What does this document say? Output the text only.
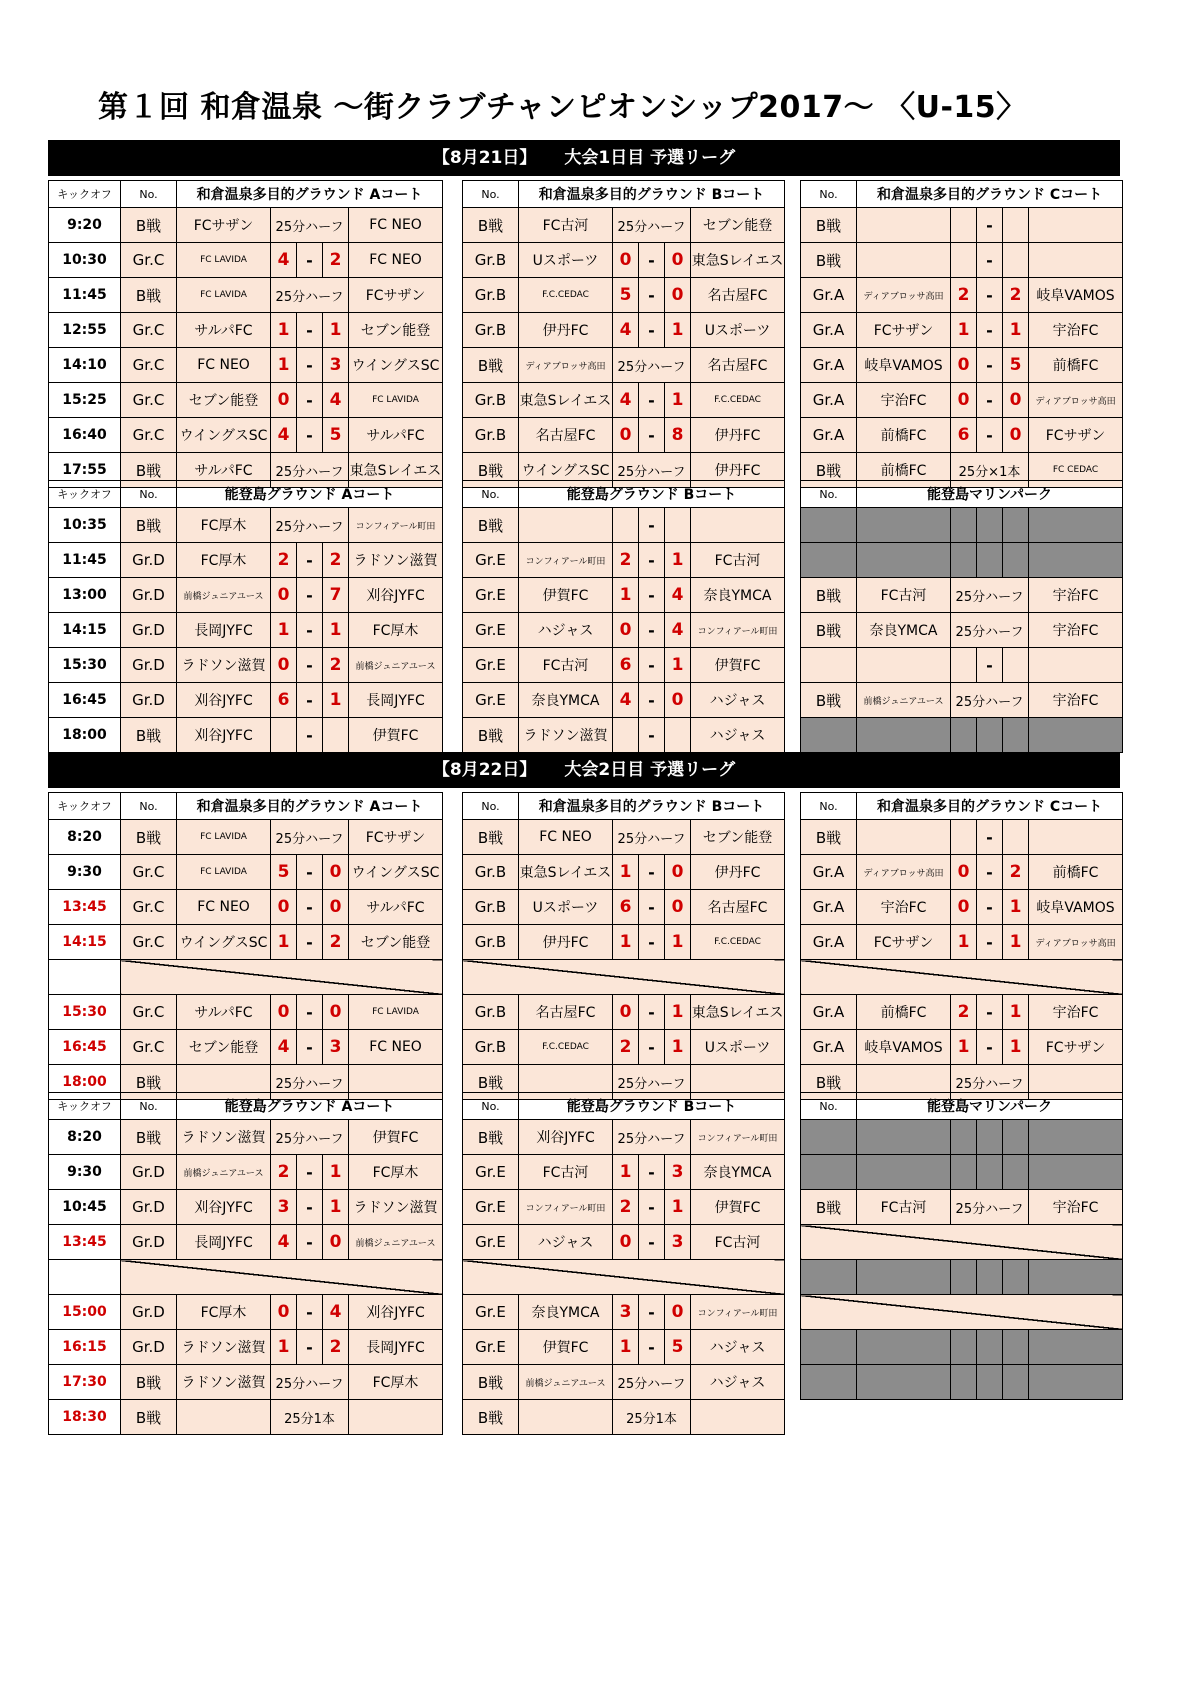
第１回 和倉温泉 ～街クラブチャンピオンシップ2017～ 〈U-15〉
【8月21日】 大会1日目 予選リーグ
キックオフ	No.	和倉温泉多目的グラウンド Aコート				
9:20	B戦	FCサザン	25分ハーフ			FC NEO
10:30	Gr.C	FC LAVIDA	4	-	2	FC NEO
11:45	B戦	FC LAVIDA	25分ハーフ			FCサザン
12:55	Gr.C	サルパFC	1	-	1	セブン能登
14:10	Gr.C	FC NEO	1	-	3	ウイングスSC
15:25	Gr.C	セブン能登	0	-	4	FC LAVIDA
16:40	Gr.C	ウイングスSC	4	-	5	サルパFC
17:55	B戦	サルパFC	25分ハーフ			東急Sレイエス
No.	和倉温泉多目的グラウンド Bコート				
B戦	FC古河	25分ハーフ			セブン能登
Gr.B	Uスポーツ	0	-	0	東急Sレイエス
Gr.B	F.C.CEDAC	5	-	0	名古屋FC
Gr.B	伊丹FC	4	-	1	Uスポーツ
B戦	ディアブロッサ高田	25分ハーフ			名古屋FC
Gr.B	東急Sレイエス	4	-	1	F.C.CEDAC
Gr.B	名古屋FC	0	-	8	伊丹FC
B戦	ウイングスSC	25分ハーフ			伊丹FC
No.	和倉温泉多目的グラウンド Cコート				
B戦			-		
B戦			-		
Gr.A	ディアブロッサ高田	2	-	2	岐阜VAMOS
Gr.A	FCサザン	1	-	1	宇治FC
Gr.A	岐阜VAMOS	0	-	5	前橋FC
Gr.A	宇治FC	0	-	0	ディアブロッサ高田
Gr.A	前橋FC	6	-	0	FCサザン
B戦	前橋FC	25分×1本			FC CEDAC
キックオフ	No.	能登島グラウンド Aコート				
10:35	B戦	FC厚木	25分ハーフ			コンフィアール町田
11:45	Gr.D	FC厚木	2	-	2	ラドソン滋賀
13:00	Gr.D	前橋ジュニアユース	0	-	7	刈谷JYFC
14:15	Gr.D	長岡JYFC	1	-	1	FC厚木
15:30	Gr.D	ラドソン滋賀	0	-	2	前橋ジュニアユース
16:45	Gr.D	刈谷JYFC	6	-	1	長岡JYFC
18:00	B戦	刈谷JYFC		-		伊賀FC
No.	能登島グラウンド Bコート				
B戦			-		
Gr.E	コンフィアール町田	2	-	1	FC古河
Gr.E	伊賀FC	1	-	4	奈良YMCA
Gr.E	ハジャス	0	-	4	コンフィアール町田
Gr.E	FC古河	6	-	1	伊賀FC
Gr.E	奈良YMCA	4	-	0	ハジャス
B戦	ラドソン滋賀		-		ハジャス
No.	能登島マリンパーク				

B戦	FC古河	25分ハーフ			宇治FC
B戦	奈良YMCA	25分ハーフ			宇治FC
			-		
B戦	前橋ジュニアユース	25分ハーフ			宇治FC

【8月22日】 大会2日目 予選リーグ
キックオフ	No.	和倉温泉多目的グラウンド Aコート				
8:20	B戦	FC LAVIDA	25分ハーフ			FCサザン
9:30	Gr.C	FC LAVIDA	5	-	0	ウイングスSC
13:45	Gr.C	FC NEO	0	-	0	サルパFC
14:15	Gr.C	ウイングスSC	1	-	2	セブン能登

15:30	Gr.C	サルパFC	0	-	0	FC LAVIDA
16:45	Gr.C	セブン能登	4	-	3	FC NEO
18:00	B戦		25分ハーフ			
No.	和倉温泉多目的グラウンド Bコート				
B戦	FC NEO	25分ハーフ			セブン能登
Gr.B	東急Sレイエス	1	-	0	伊丹FC
Gr.B	Uスポーツ	6	-	0	名古屋FC
Gr.B	伊丹FC	1	-	1	F.C.CEDAC

Gr.B	名古屋FC	0	-	1	東急Sレイエス
Gr.B	F.C.CEDAC	2	-	1	Uスポーツ
B戦		25分ハーフ			
No.	和倉温泉多目的グラウンド Cコート				
B戦			-		
Gr.A	ディアブロッサ高田	0	-	2	前橋FC
Gr.A	宇治FC	0	-	1	岐阜VAMOS
Gr.A	FCサザン	1	-	1	ディアブロッサ高田

Gr.A	前橋FC	2	-	1	宇治FC
Gr.A	岐阜VAMOS	1	-	1	FCサザン
B戦		25分ハーフ			
キックオフ	No.	能登島グラウンド Aコート				
8:20	B戦	ラドソン滋賀	25分ハーフ			伊賀FC
9:30	Gr.D	前橋ジュニアユース	2	-	1	FC厚木
10:45	Gr.D	刈谷JYFC	3	-	1	ラドソン滋賀
13:45	Gr.D	長岡JYFC	4	-	0	前橋ジュニアユース

15:00	Gr.D	FC厚木	0	-	4	刈谷JYFC
16:15	Gr.D	ラドソン滋賀	1	-	2	長岡JYFC
17:30	B戦	ラドソン滋賀	25分ハーフ			FC厚木
18:30	B戦		25分1本			
No.	能登島グラウンド Bコート				
B戦	刈谷JYFC	25分ハーフ			コンフィアール町田
Gr.E	FC古河	1	-	3	奈良YMCA
Gr.E	コンフィアール町田	2	-	1	伊賀FC
Gr.E	ハジャス	0	-	3	FC古河

Gr.E	奈良YMCA	3	-	0	コンフィアール町田
Gr.E	伊賀FC	1	-	5	ハジャス
B戦	前橋ジュニアユース	25分ハーフ			ハジャス
B戦		25分1本			
No.	能登島マリンパーク				

B戦	FC古河	25分ハーフ			宇治FC
